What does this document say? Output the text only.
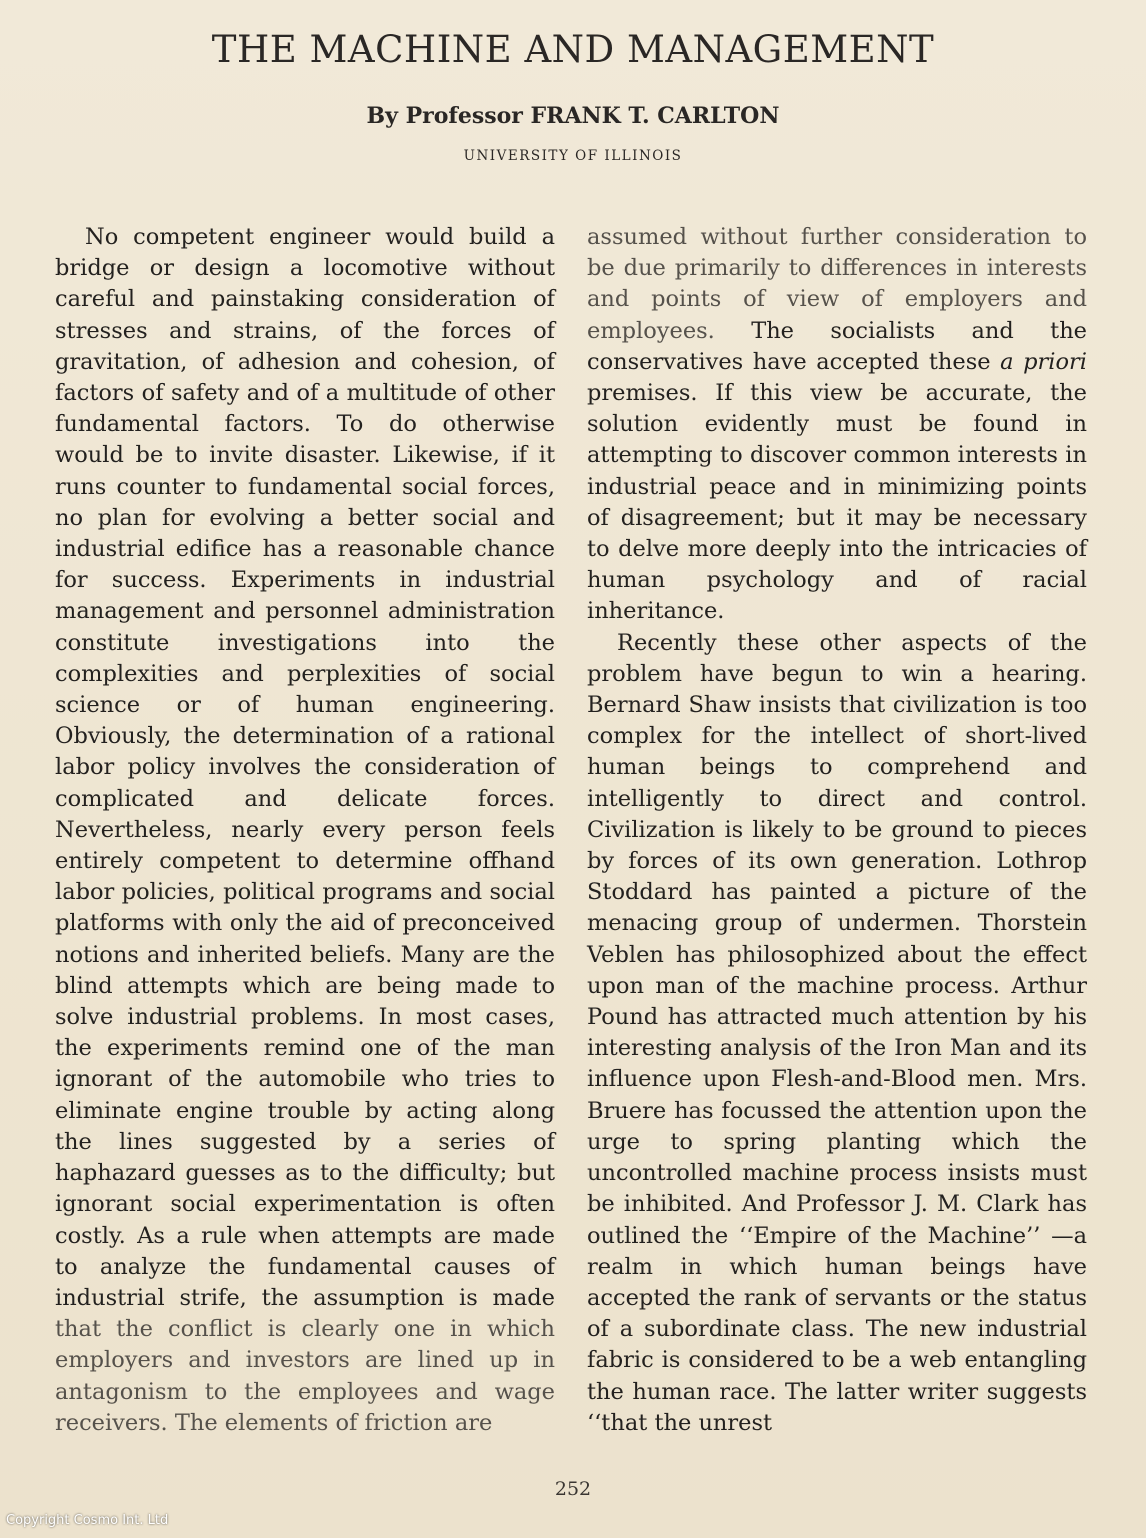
THE MACHINE AND MANAGEMENT

By Professor FRANK T. CARLTON

UNIVERSITY OF ILLINOIS

No competent engineer would build a bridge or design a locomotive without careful and painstaking consideration of stresses and strains, of the forces of gravitation, of adhesion and cohesion, of factors of safety and of a multitude of other fundamental factors. To do otherwise would be to invite disaster. Likewise, if it runs counter to fundamental social forces, no plan for evolving a better social and industrial edifice has a reasonable chance for success. Experiments in industrial management and personnel administration constitute investigations into the complexities and perplexities of social science or of human engineering. Obviously, the determination of a rational labor policy involves the consideration of complicated and delicate forces. Nevertheless, nearly every person feels entirely competent to determine offhand labor policies, political programs and social platforms with only the aid of preconceived notions and inherited beliefs. Many are the blind attempts which are being made to solve industrial problems. In most cases, the experiments remind one of the man ignorant of the automobile who tries to eliminate engine trouble by acting along the lines suggested by a series of haphazard guesses as to the difficulty; but ignorant social experimentation is often costly. As a rule when attempts are made to analyze the fundamental causes of industrial strife, the assumption is made that the conflict is clearly one in which employers and investors are lined up in antagonism to the employees and wage receivers. The elements of friction are

assumed without further consideration to be due primarily to differences in interests and points of view of employers and employees. The socialists and the conservatives have accepted these a priori premises. If this view be accurate, the solution evidently must be found in attempting to discover common interests in industrial peace and in minimizing points of disagreement; but it may be necessary to delve more deeply into the intricacies of human psychology and of racial inheritance.

Recently these other aspects of the problem have begun to win a hearing. Bernard Shaw insists that civilization is too complex for the intellect of short-lived human beings to comprehend and intelligently to direct and control. Civilization is likely to be ground to pieces by forces of its own generation. Lothrop Stoddard has painted a picture of the menacing group of undermen. Thorstein Veblen has philosophized about the effect upon man of the machine process. Arthur Pound has attracted much attention by his interesting analysis of the Iron Man and its influence upon Flesh-and-Blood men. Mrs. Bruere has focussed the attention upon the urge to spring planting which the uncontrolled machine process insists must be inhibited. And Professor J. M. Clark has outlined the ‘‘Empire of the Machine’’ —a realm in which human beings have accepted the rank of servants or the status of a subordinate class. The new industrial fabric is considered to be a web entangling the human race. The latter writer suggests ‘‘that the unrest

252

Copyright Cosmo Int. Ltd
